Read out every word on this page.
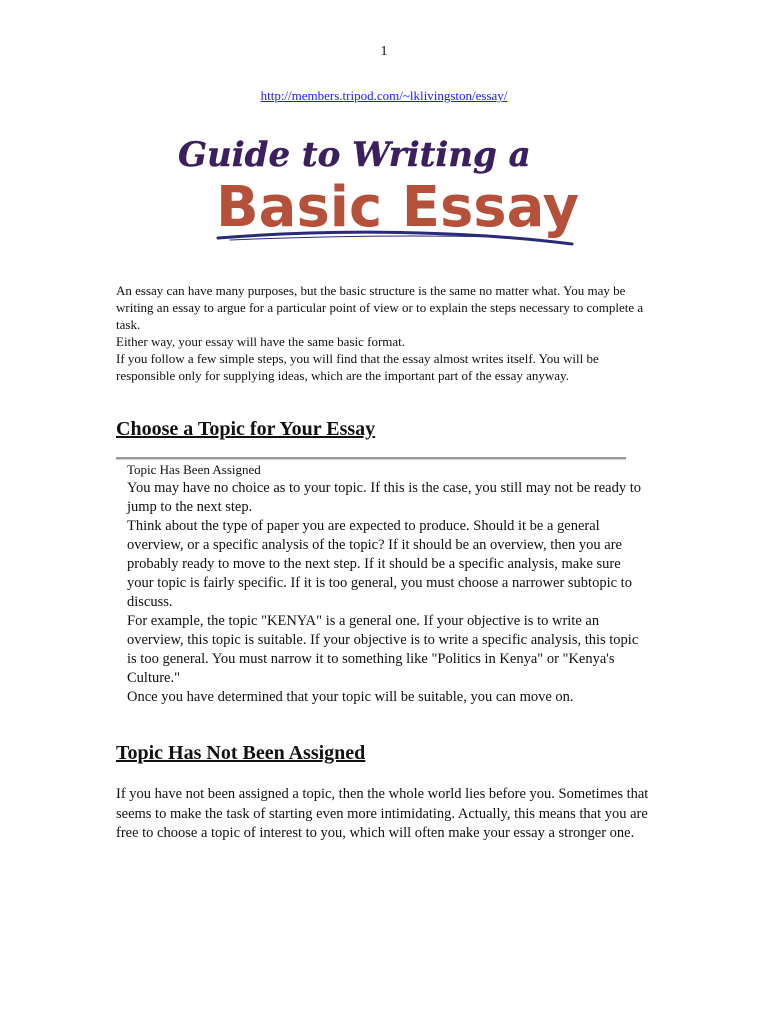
1
http://members.tripod.com/~lklivingston/essay/
Guide to Writing a
Basic Essay

An essay can have many purposes, but the basic structure is the same no matter what. You may be writing an essay to argue for a particular point of view or to explain the steps necessary to complete a task.

Either way, your essay will have the same basic format.

If you follow a few simple steps, you will find that the essay almost writes itself. You will be responsible only for supplying ideas, which are the important part of the essay anyway.

Choose a Topic for Your Essay
Topic Has Been Assigned

You may have no choice as to your topic. If this is the case, you still may not be ready to jump to the next step.

Think about the type of paper you are expected to produce. Should it be a general overview, or a specific analysis of the topic? If it should be an overview, then you are probably ready to move to the next step. If it should be a specific analysis, make sure your topic is fairly specific. If it is too general, you must choose a narrower subtopic to discuss.

For example, the topic "KENYA" is a general one. If your objective is to write an overview, this topic is suitable. If your objective is to write a specific analysis, this topic is too general. You must narrow it to something like "Politics in Kenya" or "Kenya's Culture."

Once you have determined that your topic will be suitable, you can move on.

Topic Has Not Been Assigned

If you have not been assigned a topic, then the whole world lies before you. Sometimes that seems to make the task of starting even more intimidating. Actually, this means that you are free to choose a topic of interest to you, which will often make your essay a stronger one.
